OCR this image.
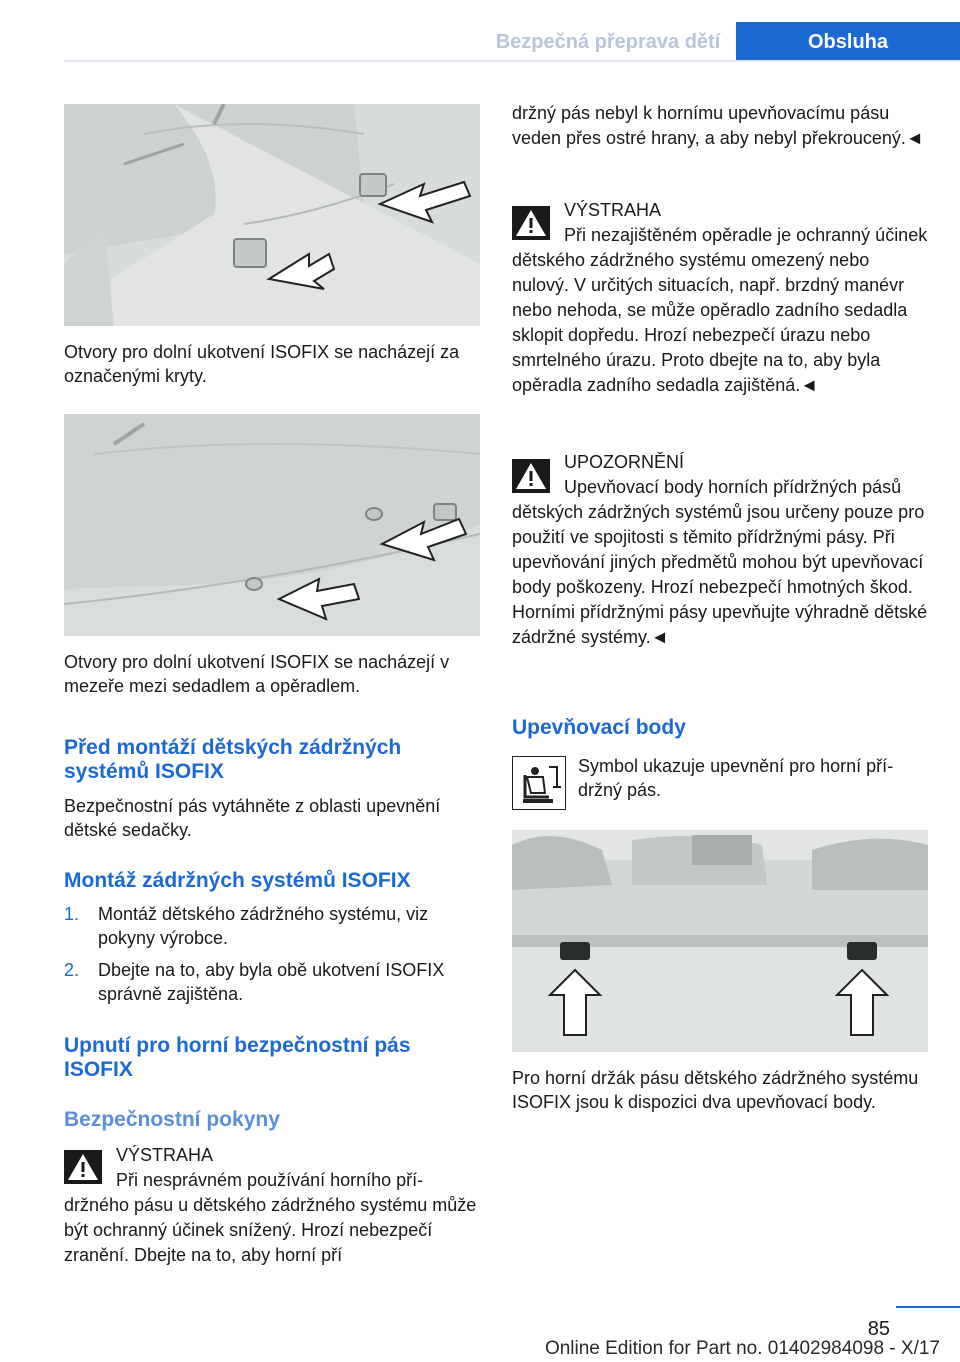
Bezpečná přeprava dětí	Obsluha
Otvory pro dolní ukotvení ISOFIX se nacházejí za označenými kryty.
Otvory pro dolní ukotvení ISOFIX se nacházejí v mezeře mezi sedadlem a opěradlem.
Před montáží dětských zádržných systémů ISOFIX
Bezpečnostní pás vytáhněte z oblasti upevnění dětské sedačky.
Montáž zádržných systémů ISOFIX
1.	Montáž dětského zádržného systému, viz pokyny výrobce.
2.	Dbejte na to, aby byla obě ukotvení ISOFIX správně zajištěna.
Upnutí pro horní bezpečnostní pás ISOFIX
Bezpečnostní pokyny
VÝSTRAHA
Při nesprávném používání horního přídržného pásu u dětského zádržného systému může být ochranný účinek snížený. Hrozí nebezpečí zranění. Dbejte na to, aby horní pří
držný pás nebyl k hornímu upevňovacímu pásu veden přes ostré hrany, a aby nebyl překroucený.◄
VÝSTRAHA
Při nezajištěném opěradle je ochranný účinek dětského zádržného systému omezený nebo nulový. V určitých situacích, např. brzdný manévr nebo nehoda, se může opěradlo zadního sedadla sklopit dopředu. Hrozí nebezpečí úrazu nebo smrtelného úrazu. Proto dbejte na to, aby byla opěradla zadního sedadla zajištěná.◄
UPOZORNĚNÍ
Upevňovací body horních přídržných pásů dětských zádržných systémů jsou určeny pouze pro použití ve spojitosti s těmito přídržnými pásy. Při upevňování jiných předmětů mohou být upevňovací body poškozeny. Hrozí nebezpečí hmotných škod. Horními přídržnými pásy upevňujte výhradně dětské zádržné systémy.◄
Upevňovací body
Symbol ukazuje upevnění pro horní přídržný pás.
Pro horní držák pásu dětského zádržného systému ISOFIX jsou k dispozici dva upevňovací body.
85
Online Edition for Part no. 01402984098 - X/17
